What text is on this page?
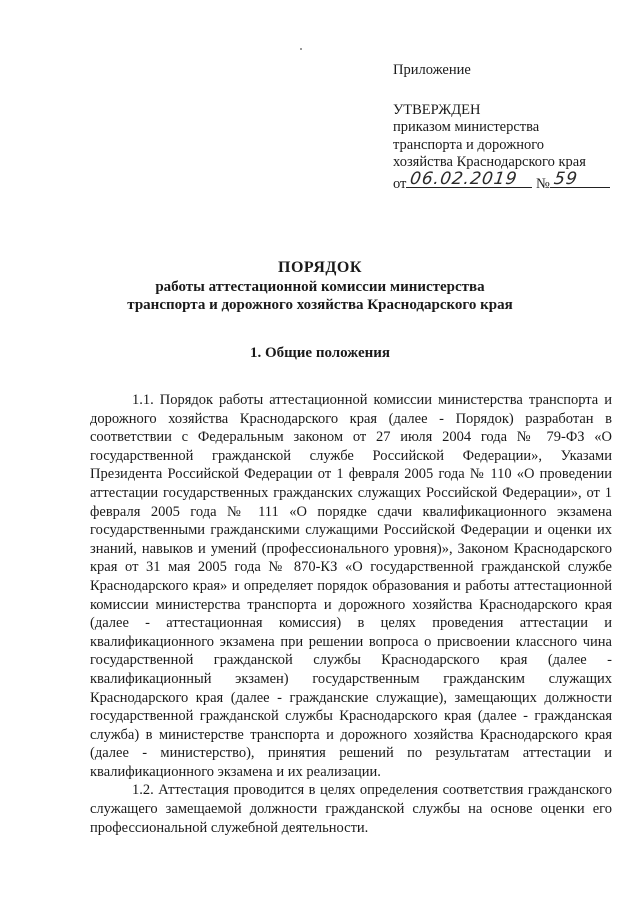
Приложение
УТВЕРЖДЕН
приказом министерства
транспорта и дорожного
хозяйства Краснодарского края
от 06.02.2019 № 59
ПОРЯДОК
работы аттестационной комиссии министерства
транспорта и дорожного хозяйства Краснодарского края
1. Общие положения

1.1. Порядок работы аттестационной комиссии министерства транспорта и дорожного хозяйства Краснодарского края (далее - Порядок) разработан в соответствии с Федеральным законом от 27 июля 2004 года № 79-ФЗ «О государственной гражданской службе Российской Федерации», Указами Президента Российской Федерации от 1 февраля 2005 года № 110 «О проведении аттестации государственных гражданских служащих Российской Федерации», от 1 февраля 2005 года № 111 «О порядке сдачи квалификационного экзамена государственными гражданскими служащими Российской Федерации и оценки их знаний, навыков и умений (профессионального уровня)», Законом Краснодарского края от 31 мая 2005 года № 870-КЗ «О государственной гражданской службе Краснодарского края» и определяет порядок образования и работы аттестационной комиссии министерства транспорта и дорожного хозяйства Краснодарского края (далее - аттестационная комиссия) в целях проведения аттестации и квалификационного экзамена при решении вопроса о присвоении классного чина государственной гражданской службы Краснодарского края (далее - квалификационный экзамен) государственным гражданским служащих Краснодарского края (далее - гражданские служащие), замещающих должности государственной гражданской службы Краснодарского края (далее - гражданская служба) в министерстве транспорта и дорожного хозяйства Краснодарского края (далее - министерство), принятия решений по результатам аттестации и квалификационного экзамена и их реализации.

1.2. Аттестация проводится в целях определения соответствия гражданского служащего замещаемой должности гражданской службы на основе оценки его профессиональной служебной деятельности.
